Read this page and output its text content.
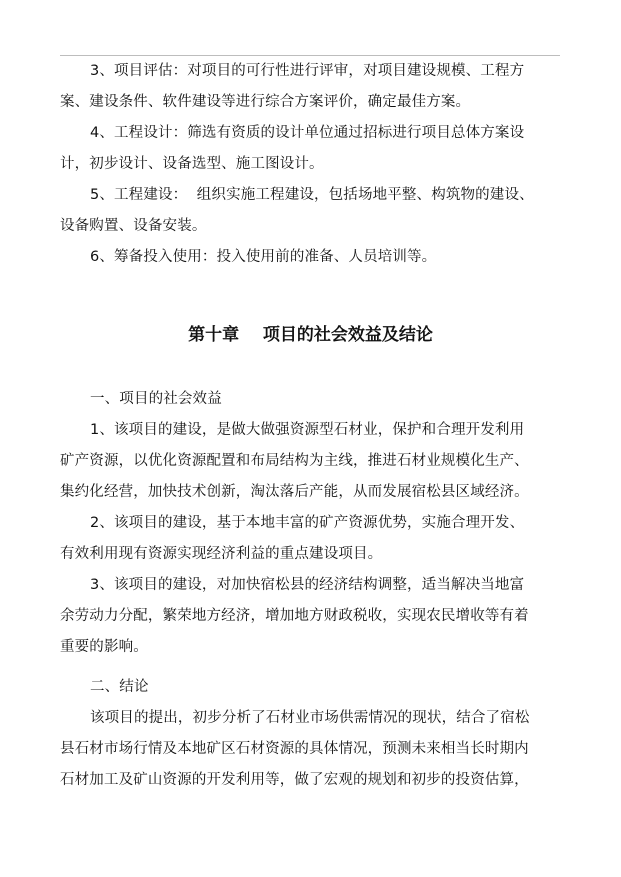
3、项目评估：对项目的可行性进行评审，对项目建设规模、工程方
案、建设条件、软件建设等进行综合方案评价，确定最佳方案。
4、工程设计：筛选有资质的设计单位通过招标进行项目总体方案设
计，初步设计、设备选型、施工图设计。
5、工程建设：  组织实施工程建设，包括场地平整、构筑物的建设、
设备购置、设备安装。
6、筹备投入使用：投入使用前的准备、人员培训等。
第十章    项目的社会效益及结论
一、项目的社会效益
1、该项目的建设，是做大做强资源型石材业，保护和合理开发利用
矿产资源，以优化资源配置和布局结构为主线，推进石材业规模化生产、
集约化经营，加快技术创新，淘汰落后产能，从而发展宿松县区域经济。
2、该项目的建设，基于本地丰富的矿产资源优势，实施合理开发、
有效利用现有资源实现经济利益的重点建设项目。
3、该项目的建设，对加快宿松县的经济结构调整，适当解决当地富
余劳动力分配，繁荣地方经济，增加地方财政税收，实现农民增收等有着
重要的影响。
二、结论
该项目的提出，初步分析了石材业市场供需情况的现状，结合了宿松
县石材市场行情及本地矿区石材资源的具体情况，预测未来相当长时期内
石材加工及矿山资源的开发利用等，做了宏观的规划和初步的投资估算，
